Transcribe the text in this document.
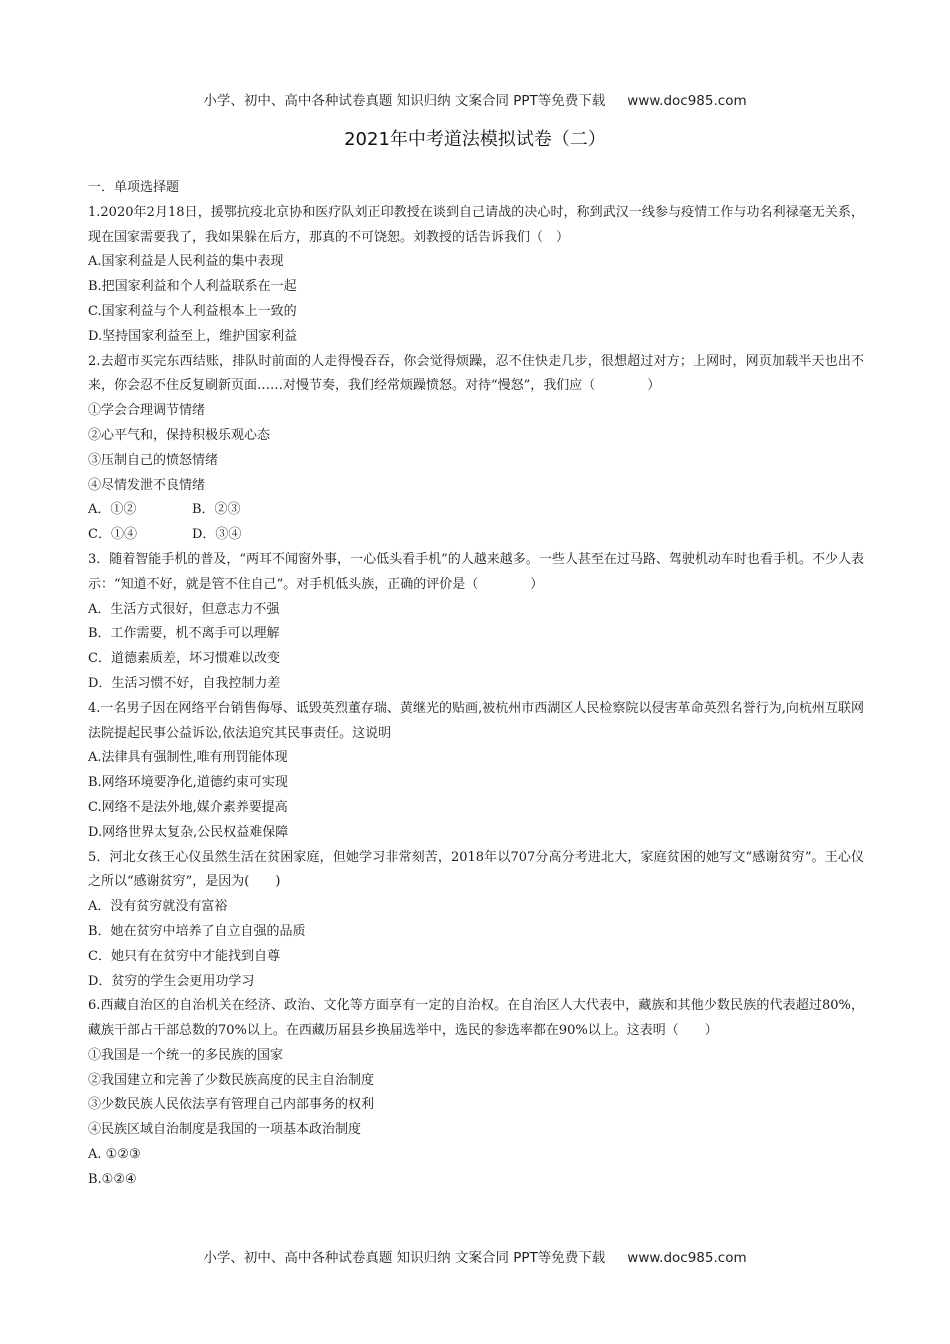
小学、初中、高中各种试卷真题 知识归纳 文案合同 PPT等免费下载 www.doc985.com
2021年中考道法模拟试卷（二）

一．单项选择题

1.2020年2月18日，援鄂抗疫北京协和医疗队刘正印教授在谈到自己请战的决心时，称到武汉一线参与疫情工作与功名利禄毫无关系，现在国家需要我了，我如果躲在后方，那真的不可饶恕。刘教授的话告诉我们（　）

A.国家利益是人民利益的集中表现

B.把国家利益和个人利益联系在一起

C.国家利益与个人利益根本上一致的

D.坚持国家利益至上，维护国家利益

2.去超市买完东西结账，排队时前面的人走得慢吞吞，你会觉得烦躁，忍不住快走几步，很想超过对方；上网时，网页加载半天也出不来，你会忍不住反复刷新页面……对慢节奏，我们经常烦躁愤怒。对待“慢怒”，我们应（　　　　）

①学会合理调节情绪

②心平气和，保持积极乐观心态

③压制自己的愤怒情绪

④尽情发泄不良情绪

A．①②	B．②③

C．①④	D．③④

3．随着智能手机的普及，“两耳不闻窗外事，一心低头看手机”的人越来越多。一些人甚至在过马路、驾驶机动车时也看手机。不少人表示：“知道不好，就是管不住自己”。对手机低头族，正确的评价是（　　　　）

A．生活方式很好，但意志力不强

B．工作需要，机不离手可以理解

C．道德素质差，坏习惯难以改变

D．生活习惯不好，自我控制力差

4.一名男子因在网络平台销售侮辱、诋毁英烈董存瑞、黄继光的贴画,被杭州市西湖区人民检察院以侵害革命英烈名誉行为,向杭州互联网法院提起民事公益诉讼,依法追究其民事责任。这说明

A.法律具有强制性,唯有刑罚能体现

B.网络环境要净化,道德约束可实现

C.网络不是法外地,媒介素养要提高

D.网络世界太复杂,公民权益难保障

5．河北女孩王心仪虽然生活在贫困家庭，但她学习非常刻苦，2018年以707分高分考进北大，家庭贫困的她写文“感谢贫穷”。王心仪之所以“感谢贫穷”，是因为(　　)

A．没有贫穷就没有富裕

B．她在贫穷中培养了自立自强的品质

C．她只有在贫穷中才能找到自尊

D．贫穷的学生会更用功学习

6.西藏自治区的自治机关在经济、政治、文化等方面享有一定的自治权。在自治区人大代表中，藏族和其他少数民族的代表超过80%，藏族干部占干部总数的70%以上。在西藏历届县乡换届选举中，选民的参选率都在90%以上。这表明（　　）

①我国是一个统一的多民族的国家

②我国建立和完善了少数民族高度的民主自治制度

③少数民族人民依法享有管理自己内部事务的权利

④民族区域自治制度是我国的一项基本政治制度

A. ①②③

B.①②④

小学、初中、高中各种试卷真题 知识归纳 文案合同 PPT等免费下载 www.doc985.com
